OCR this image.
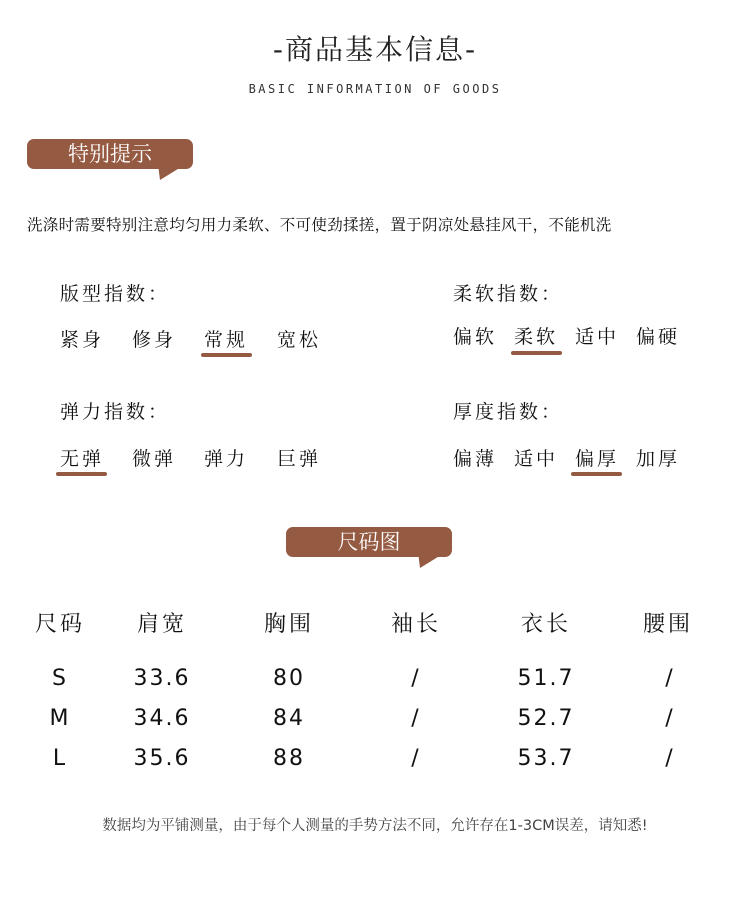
-商品基本信息-
BASIC INFORMATION OF GOODS
特别提示
洗涤时需要特别注意均匀用力柔软、不可使劲揉搓，置于阴凉处悬挂风干，不能机洗
版型指数：
紧身 修身 常规 宽松
柔软指数：
偏软 柔软 适中 偏硬
弹力指数：
无弹 微弹 弹力 巨弹
厚度指数：
偏薄 适中 偏厚 加厚
尺码图
尺码	肩宽	胸围	袖长	衣长	腰围
S	33.6	80	/	51.7	/
M	34.6	84	/	52.7	/
L	35.6	88	/	53.7	/
数据均为平铺测量，由于每个人测量的手势方法不同，允许存在1-3CM误差，请知悉!
